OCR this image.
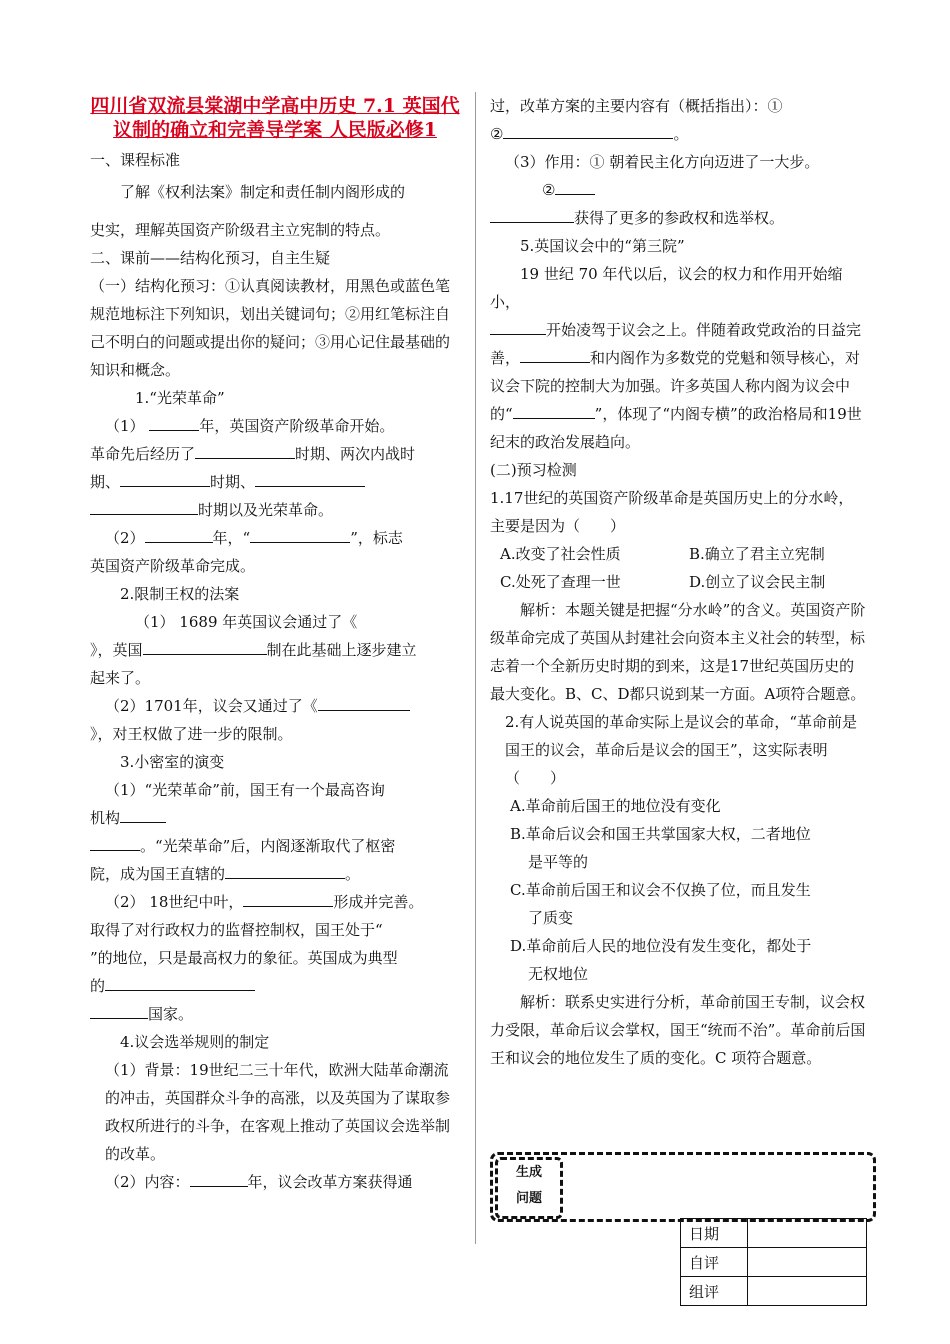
四川省双流县棠湖中学高中历史 7.1 英国代议制的确立和完善导学案 人民版必修1

一、课程标准

了解《权利法案》制定和责任制内阁形成的

史实，理解英国资产阶级君主立宪制的特点。

二、课前——结构化预习，自主生疑

（一）结构化预习：①认真阅读教材，用黑色或蓝色笔规范地标注下列知识，划出关键词句；②用红笔标注自己不明白的问题或提出你的疑问；③用心记住最基础的知识和概念。

1.“光荣革命”

（1）	年，英国资产阶级革命开始。

革命先后经历了	时期、两次内战时

期、	时期、

时期以及光荣革命。

（2）	年，“	”，标志

英国资产阶级革命完成。

2.限制王权的法案

（1） 1689 年英国议会通过了《

》，英国	制在此基础上逐步建立

起来了。

（2）1701年，议会又通过了《

》，对王权做了进一步的限制。

3.小密室的演变

（1）“光荣革命”前，国王有一个最高咨询

机构

。“光荣革命”后，内阁逐渐取代了枢密

院，成为国王直辖的	。

（2） 18世纪中叶，	形成并完善。

取得了对行政权力的监督控制权，国王处于“

”的地位，只是最高权力的象征。英国成为典型

的

国家。

4.议会选举规则的制定

（1）背景：19世纪二三十年代，欧洲大陆革命潮流的冲击，英国群众斗争的高涨，以及英国为了谋取参政权所进行的斗争，在客观上推动了英国议会选举制的改革。

（2）内容：	年，议会改革方案获得通

过，改革方案的主要内容有（概括指出）：①

②	。

（3）作用：① 朝着民主化方向迈进了一大步。

②

获得了更多的参政权和选举权。

5.英国议会中的“第三院”

19 世纪 70 年代以后，议会的权力和作用开始缩小，

开始凌驾于议会之上。伴随着政党政治的日益完善，	和内阁作为多数党的党魁和领导核心，对议会下院的控制大为加强。许多英国人称内阁为议会中的“	”，体现了“内阁专横”的政治格局和19世纪末的政治发展趋向。

(二)预习检测

1.17世纪的英国资产阶级革命是英国历史上的分水岭，主要是因为（　　）

A.改变了社会性质	B.确立了君主立宪制
C.处死了查理一世	D.创立了议会民主制

解析：本题关键是把握“分水岭”的含义。英国资产阶级革命完成了英国从封建社会向资本主义社会的转型，标志着一个全新历史时期的到来，这是17世纪英国历史的最大变化。B、C、D都只说到某一方面。A项符合题意。

2.有人说英国的革命实际上是议会的革命，“革命前是国王的议会，革命后是议会的国王”，这实际表明　（　　）

A.革命前后国王的地位没有变化

B.革命后议会和国王共掌国家大权，二者地位

是平等的

C.革命前后国王和议会不仅换了位，而且发生

了质变

D.革命前后人民的地位没有发生变化，都处于

无权地位

解析：联系史实进行分析，革命前国王专制，议会权力受限，革命后议会掌权，国王“统而不治”。革命前后国王和议会的地位发生了质的变化。C 项符合题意。

生成
问题
日期	
自评	
组评	
